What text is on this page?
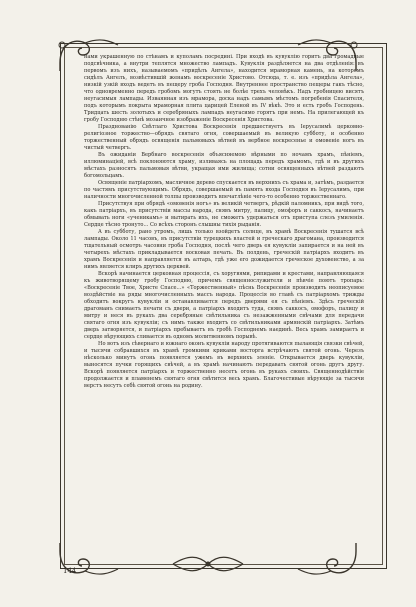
нами украшенную по стѣнамъ и куполамъ посредині. При входѣ въ кувуклію горитъ два громадные подсвѣчника, а внутри теплятся множество лампадъ. Кувуклія раздѣляется на два отдѣленія: въ первомъ изъ нихъ, называемомъ «придѣлъ Ангела», находится мраморная камень, на которомъ сидѣлъ Ангелъ, возвѣстившій женамъ воскресеніе Христово. Отсюда, т. е. изъ «придѣла Ангела», низкій узкій входъ ведетъ въ пещеру гроба Господня. Внутреннее пространство пещеры гакъ тѣсно, что одновременно передъ гробомъ могутъ стоять не болѣе трехъ человѣкъ. Надъ гробницею висятъ неугасимыя лампады. Изваянная изъ мрамора, доска надъ самымъ мѣстомъ погребенія Спасителя, подъ которымъ покрыта мраморная плита царицей Еленой въ IV вѣкѣ. Это и есть гробъ Господень. Тридцать шесть золотыхъ и серебряныхъ лампадъ неугасимо горятъ при немъ. На прилегающей къ гробу Господню стѣнѣ мозаичное изображеніе Воскресенія Христова.

Празднованію Свѣтлаго Христова Воскресенія предшествуетъ въ Іерусалимѣ церковно-религіозное торжество—обрядъ святаго огня, совершаемый въ великую субботу, и особенно торжественный обрядъ освященія пальмовыхъ вѣтвей въ вербное воскресенье и омовеніе ногъ въ чистый четвергъ.

Въ ожиданіи Вербнаго воскресенія объясняемою вѣрными по ночамъ храмъ, пѣніемъ, иллюминаціей, всѣ поклоняются храму, изливаясь на площадь передъ храмомъ, гдѣ и въ другихъ мѣстахъ разносятъ пальмовыя вѣтви, укращая ими жилища; сотни освященныхъ вѣтвей раздаютъ богомольцамъ.

Освященіе патріархомъ, масличное дерево спускается въ верхнихъ съ храма и, затѣмъ, раздается по частямъ присутствующимъ. Обрядъ, совершаемый въ память входа Господня въ Іерусалимъ, при наличности многочисленной толпы производитъ впечатлѣніе чего-то особенно торжественнаго.

Присутствуя при обрядѣ «омовенія ногъ» въ великій четвергъ, рѣдкій паломникъ, при видѣ того, какъ патріархъ, въ присутствіи массы народа, снявъ митру, палицу, омофоръ и саккосъ, начинаетъ обмывать ноги «ученикамъ» и вытирать ихъ, не сможетъ удержаться отъ приступа слезъ умиленія. Сердце тѣсно тронуто... Со всѣхъ сторонъ слышны тихія рыданія.

А въ субботу, рано утромъ, лишь только взойдетъ солнце, въ храмѣ Воскресенія тушатся всѣ лампады. Около 11 часовъ, въ присутствіи турецкихъ властей и греческаго драгомана, производится тщательный осмотръ часовни гроба Господня, послѣ чего дверь ея кувукліи запирается и на ней въ четырехъ мѣстахъ прикладывается восковая печать. Въ полдень, греческій патріархъ входитъ въ храмъ Воскресенія и направляется въ алтарь, гдѣ уже его дожидается греческое духовенство, а за нимъ является клиръ другихъ церквей.

Вскорѣ начинается церковная процессія, съ хоругвями, рипидами и крестами, направляющаяся къ животворящему гробу Господню, причемъ священнослужители и пѣвчіе поютъ тропарь: «Воскресеніе Твое, Христе Спасе...» «Торжественный» пѣснь Воскресенія производить неописуемое воздѣйствіе на ряды многочисленныхъ массъ народа. Процессія во главѣ съ патріархомъ трижды обходитъ вокругъ кувукліи и останавливается передъ дверями ея съ пѣніемъ. Здѣсь греческій драгоманъ снимаетъ печати съ двери, а патріархъ входитъ туда, снявъ саккосъ, омофоръ, палицу и митру и неся въ рукахъ два серебряные свѣтильника съ незажженными свѣчами для передачи святаго огня изъ кувукліи; съ нимъ также входитъ со свѣтильниками армянскій патріархъ. Затѣмъ дверь затворяется, и патріархъ пребываетъ въ гробѣ Господнемъ наединѣ. Весь храмъ замираетъ и сердце вѣрующихъ сливается въ одномъ молитвенномъ порывѣ.

Но вотъ изъ сѣвернаго и южнаго оконъ кувукліи народу протягиваются пылающія связки свѣчей, и тысячи собравшихся въ храмѣ громкими криками восторга встрѣчаютъ святой огонь. Черезъ нѣсколько минутъ огонь появляется ужемъ въ верхнихъ эленіе. Открывается дверь кувукліи, выносятся пучки горящихъ свѣчей, а въ храмѣ начинаютъ передавать святой огонь другъ другу. Вскорѣ появляется патріархъ и торжественно несетъ огонь въ рукахъ своихъ. Священнодѣйствіе продолжается и пламенемъ святаго огня свѣтится весь храмъ. Благочестивые вѣрующіе за тысячи верстъ несутъ себѣ святой огонь на родину.

144
